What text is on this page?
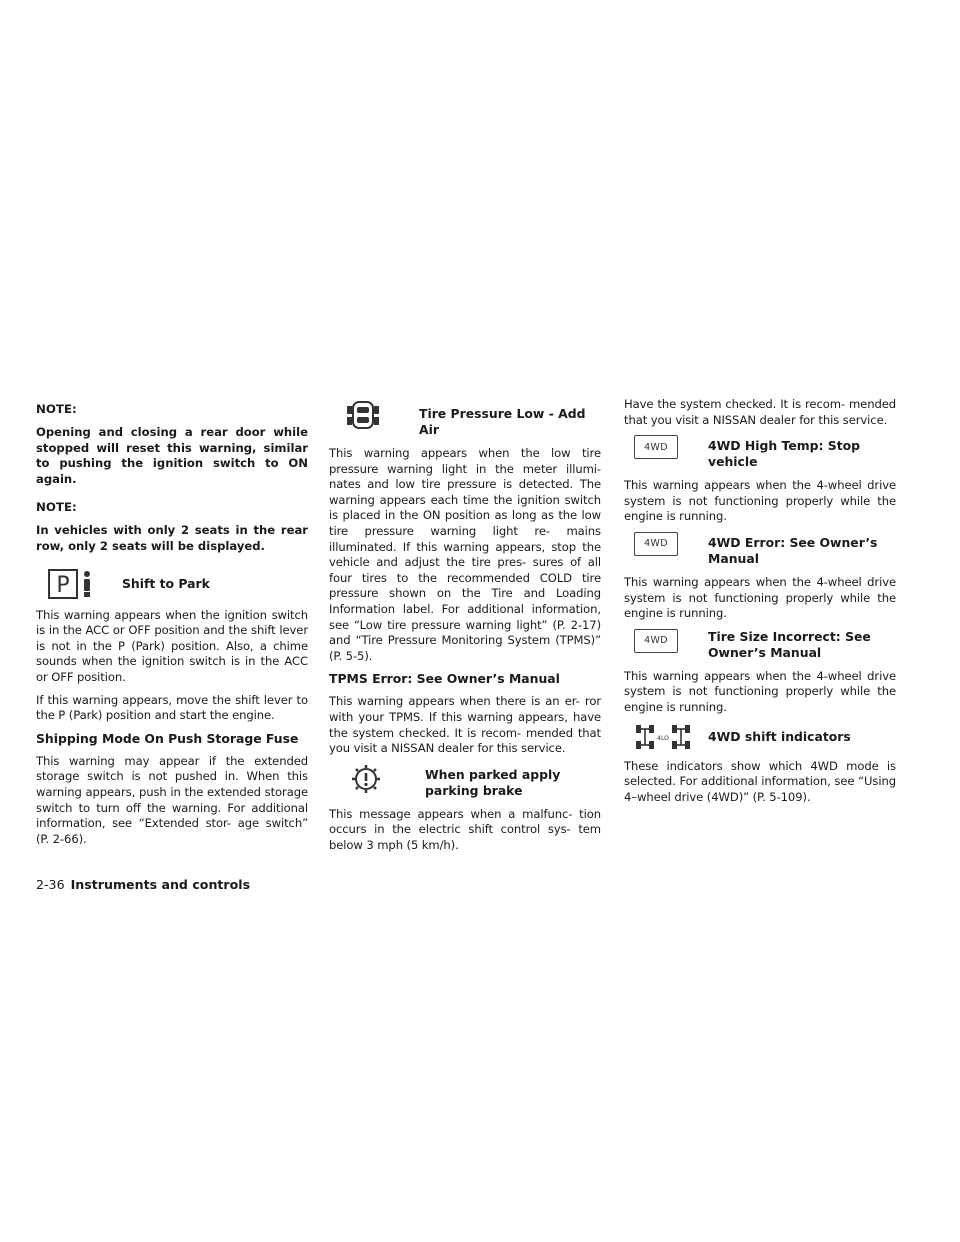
NOTE:
Opening and closing a rear door while stopped will reset this warning, similar to pushing the ignition switch to ON again.
NOTE:
In vehicles with only 2 seats in the rear row, only 2 seats will be displayed.
P	Shift to Park

This warning appears when the ignition switch is in the ACC or OFF position and the shift lever is not in the P (Park) position. Also, a chime sounds when the ignition switch is in the ACC or OFF position.

If this warning appears, move the shift lever to the P (Park) position and start the engine.

Shipping Mode On Push Storage Fuse

This warning may appear if the extended storage switch is not pushed in. When this warning appears, push in the extended storage switch to turn off the warning. For additional information, see “Extended stor- age switch” (P. 2-66).

Tire Pressure Low - Add Air

This warning appears when the low tire pressure warning light in the meter illumi- nates and low tire pressure is detected. The warning appears each time the ignition switch is placed in the ON position as long as the low tire pressure warning light re- mains illuminated. If this warning appears, stop the vehicle and adjust the tire pres- sures of all four tires to the recommended COLD tire pressure shown on the Tire and Loading Information label. For additional information, see “Low tire pressure warning light” (P. 2-17) and “Tire Pressure Monitoring System (TPMS)” (P. 5-5).

TPMS Error: See Owner’s Manual

This warning appears when there is an er- ror with your TPMS. If this warning appears, have the system checked. It is recom- mended that you visit a NISSAN dealer for this service.

When parked apply parking brake

This message appears when a malfunc- tion occurs in the electric shift control sys- tem below 3 mph (5 km/h).

Have the system checked. It is recom- mended that you visit a NISSAN dealer for this service.

4WD	4WD High Temp: Stop vehicle

This warning appears when the 4-wheel drive system is not functioning properly while the engine is running.

4WD	4WD Error: See Owner’s Manual

This warning appears when the 4-wheel drive system is not functioning properly while the engine is running.

4WD	Tire Size Incorrect: See Owner’s Manual

This warning appears when the 4-wheel drive system is not functioning properly while the engine is running.

4LO	4WD shift indicators

These indicators show which 4WD mode is selected. For additional information, see “Using 4–wheel drive (4WD)” (P. 5-109).

2-36 Instruments and controls
